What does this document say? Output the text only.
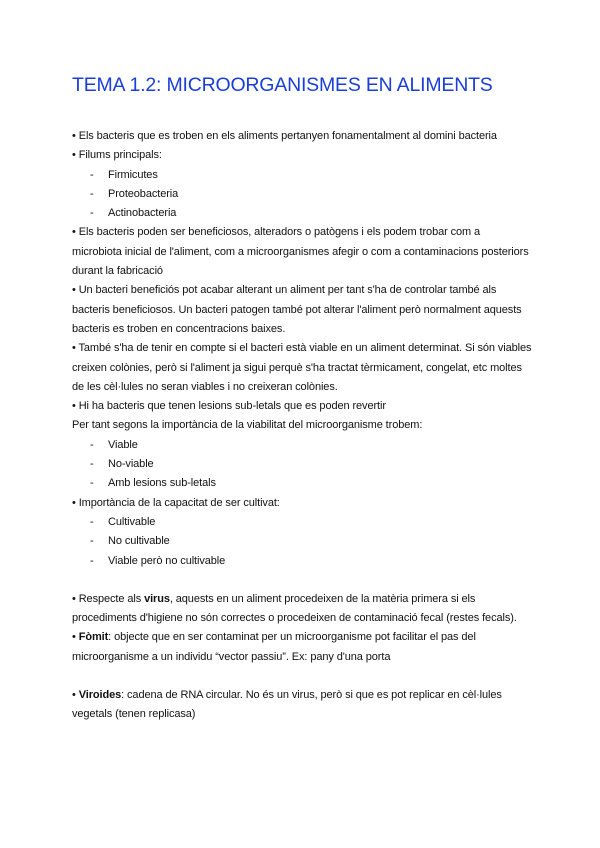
TEMA 1.2: MICROORGANISMES EN ALIMENTS

• Els bacteris que es troben en els aliments pertanyen fonamentalment al domini bacteria

• Filums principals:

- Firmicutes
- Proteobacteria
- Actinobacteria

• Els bacteris poden ser beneficiosos, alteradors o patògens i els podem trobar com a microbiota inicial de l'aliment, com a microorganismes afegir o com a contaminacions posteriors durant la fabricació

• Un bacteri beneficiós pot acabar alterant un aliment per tant s'ha de controlar també als bacteris beneficiosos. Un bacteri patogen també pot alterar l'aliment però normalment aquests bacteris es troben en concentracions baixes.

• També s'ha de tenir en compte si el bacteri està viable en un aliment determinat. Si són viables creixen colònies, però si l'aliment ja sigui perquè s'ha tractat tèrmicament, congelat, etc moltes de les cèl·lules no seran viables i no creixeran colònies.

• Hi ha bacteris que tenen lesions sub-letals que es poden revertir

Per tant segons la importància de la viabilitat del microorganisme trobem:

- Viable
- No-viable
- Amb lesions sub-letals

• Importància de la capacitat de ser cultivat:

- Cultivable
- No cultivable
- Viable però no cultivable

• Respecte als virus, aquests en un aliment procedeixen de la matèria primera si els procediments d'higiene no són correctes o procedeixen de contaminació fecal (restes fecals).

• Fòmit: objecte que en ser contaminat per un microorganisme pot facilitar el pas del microorganisme a un individu “vector passiu”. Ex: pany d'una porta

• Viroides: cadena de RNA circular. No és un virus, però si que es pot replicar en cèl·lules vegetals (tenen replicasa)
